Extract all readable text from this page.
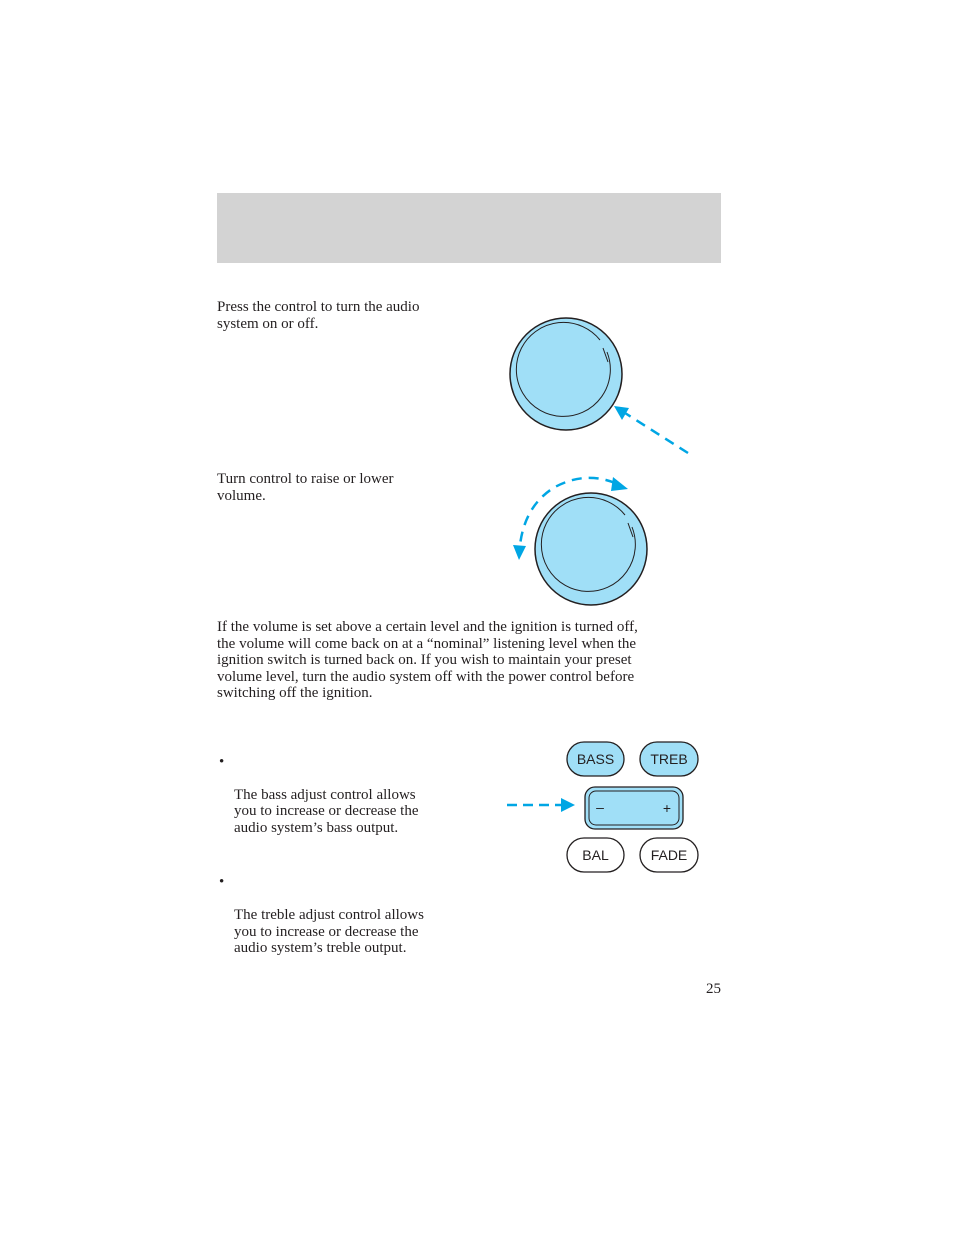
Press the control to turn the audio
system on or off.
Turn control to raise or lower
volume.
If the volume is set above a certain level and the ignition is turned off,
the volume will come back on at a “nominal” listening level when the
ignition switch is turned back on. If you wish to maintain your preset
volume level, turn the audio system off with the power control before
switching off the ignition.

•

The bass adjust control allows
you to increase or decrease the
audio system’s bass output.

•

The treble adjust control allows
you to increase or decrease the
audio system’s treble output.

BASS	TREB
–	+
BAL	FADE
25
